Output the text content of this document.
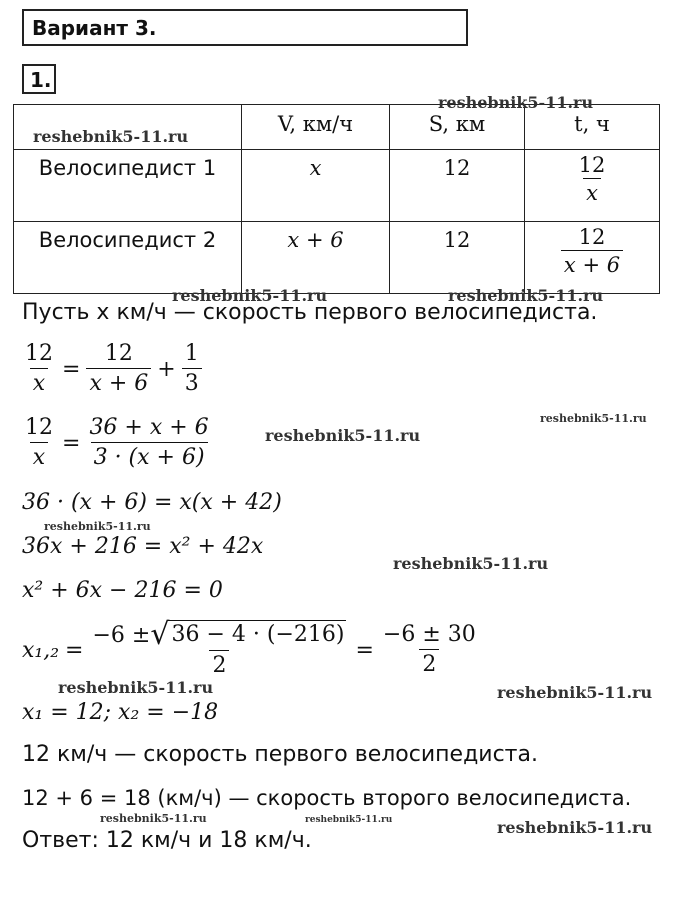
Вариант 3.
1.
	V, км/ч	S, км	t, ч
Велосипедист 1	x	12	$\frac{12}{x}$

Велосипедист 2	x + 6	12	$\frac{12}{x + 6}$
Пусть x км/ч — скорость первого велосипедиста.
$\frac{12}{x} = \frac{12}{x + 6} + \frac{1}{3}$
$\frac{12}{x} = \frac{36 + x + 6}{3 \cdot (x + 6)}$
36 · (x + 6) = x(x + 42)
36x + 216 = x² + 42x
x² + 6x − 216 = 0
$x_1,_2 = \frac{-6 \pm √ 36 - 4 \cdot (-216)}{2} = \frac{-6 \pm 30}{2}$
x₁ = 12; x₂ = −18
12 км/ч — скорость первого велосипедиста.
12 + 6 = 18 (км/ч) — скорость второго велосипедиста.
Ответ: 12 км/ч и 18 км/ч.
reshebnik5-11.ru
reshebnik5-11.ru
reshebnik5-11.ru	reshebnik5-11.ru
reshebnik5-11.ru
reshebnik5-11.ru
reshebnik5-11.ru
reshebnik5-11.ru
reshebnik5-11.ru	reshebnik5-11.ru
reshebnik5-11.ru	reshebnik5-11.ru	reshebnik5-11.ru
